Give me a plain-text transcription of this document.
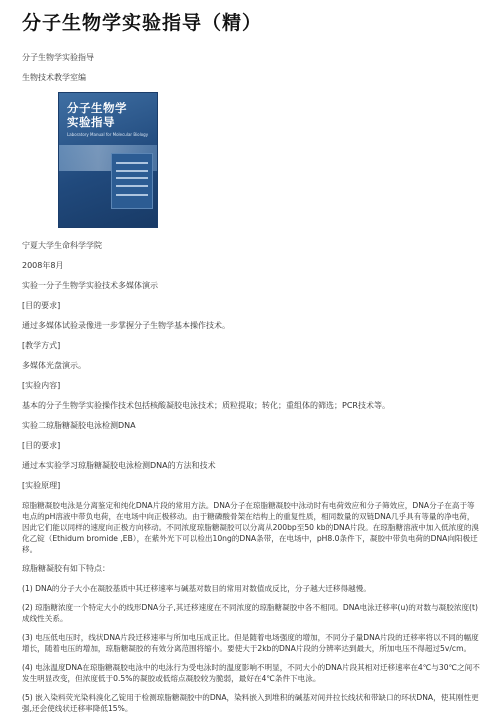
分子生物学实验指导（精）

分子生物学实验指导

生物技术教学室编

分子生物学
实验指导
Laboratory Manual for Molecular Biology

宁夏大学生命科学学院

2008年8月

实验一分子生物学实验技术多媒体演示

[目的要求]

通过多媒体试验录像进一步掌握分子生物学基本操作技术。

[教学方式]

多媒体光盘演示。

[实验内容]

基本的分子生物学实验操作技术包括核酸凝胶电泳技术；质粒提取；转化；重组体的筛选；PCR技术等。

实验二琼脂糖凝胶电泳检测DNA

[目的要求]

通过本实验学习琼脂糖凝胶电泳检测DNA的方法和技术

[实验原理]

琼脂糖凝胶电泳是分离鉴定和纯化DNA片段的常用方法。DNA分子在琼脂糖凝胶中泳动时有电荷效应和分子筛效应，DNA分子在高于等电点的pH溶液中带负电荷，在电场中向正极移动。由于糖磷酸骨架在结构上的重复性质，相同数量的双链DNA几乎具有等量的净电荷，因此它们能以同样的速度向正极方向移动。不同浓度琼脂糖凝胶可以分离从200bp至50 kb的DNA片段。在琼脂糖溶液中加入低浓度的溴化乙锭（Ethidum bromide ,EB），在紫外光下可以检出10ng的DNA条带，在电场中，pH8.0条件下，凝胶中带负电荷的DNA向阳极迁移。

琼脂糖凝胶有如下特点：

(1) DNA的分子大小在凝胶基质中其迁移速率与碱基对数目的常用对数值成反比，分子越大迁移得越慢。

(2) 琼脂糖浓度一个特定大小的线形DNA分子,其迁移速度在不同浓度的琼脂糖凝胶中各不相同。DNA电泳迁移率(u)的对数与凝胶浓度(t)成线性关系。

(3) 电压低电压时，线状DNA片段迁移速率与所加电压成正比。但是随着电场强度的增加，不同分子量DNA片段的迁移率将以不同的幅度增长，随着电压的增加，琼脂糖凝胶的有效分离范围将缩小。要使大于2kb的DNA片段的分辨率达到最大，所加电压不得超过5v/cm。

(4) 电泳温度DNA在琼脂糖凝胶电泳中的电泳行为受电泳时的温度影响不明显，不同大小的DNA片段其相对迁移速率在4℃与30℃之间不发生明显改变，但浓度低于0.5%的凝胶或低熔点凝胶较为脆弱，最好在4℃条件下电泳。

(5) 嵌入染料荧光染料溴化乙锭用于检测琼脂糖凝胶中的DNA，染料嵌入到堆积的碱基对间并拉长线状和带缺口的环状DNA，使其刚性更强,还会使线状迁移率降低15%。
